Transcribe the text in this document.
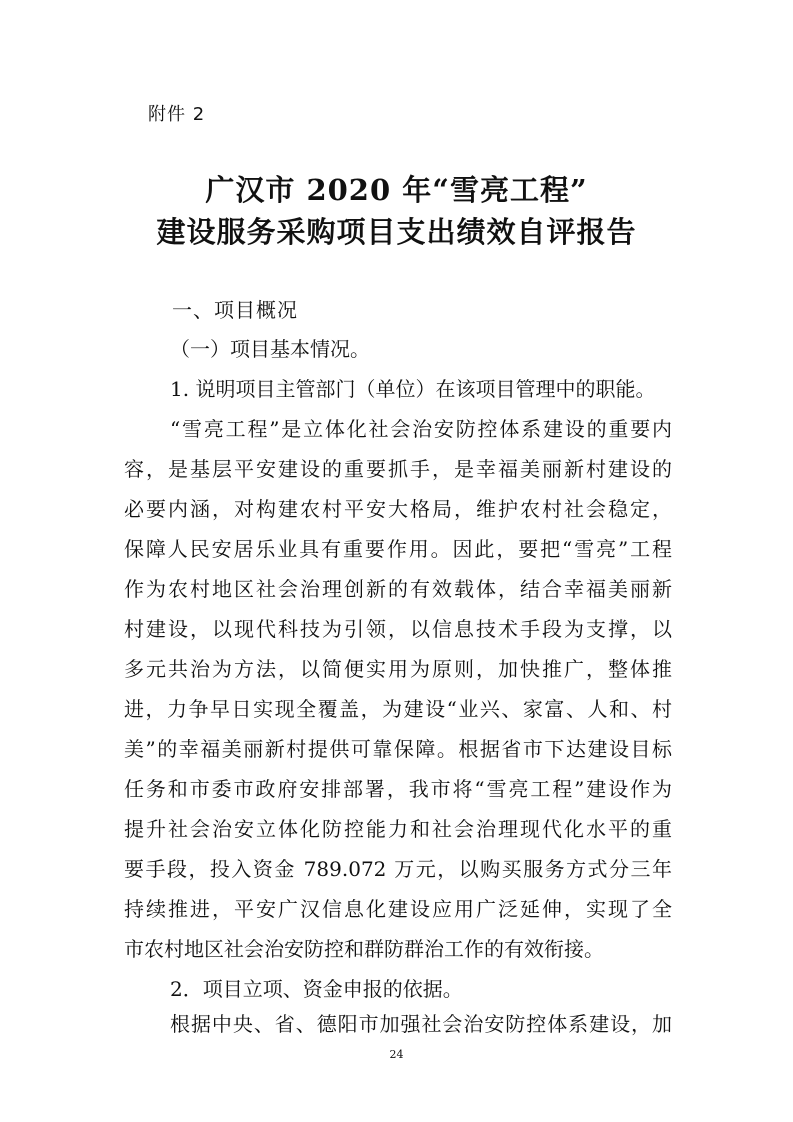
附件 2
广汉市 2020 年“雪亮工程”
建设服务采购项目支出绩效自评报告
一、项目概况
（一）项目基本情况。
1. 说明项目主管部门（单位）在该项目管理中的职能。
“雪亮工程”是立体化社会治安防控体系建设的重要内
容，是基层平安建设的重要抓手，是幸福美丽新村建设的
必要内涵，对构建农村平安大格局，维护农村社会稳定，
保障人民安居乐业具有重要作用。因此，要把“雪亮”工程
作为农村地区社会治理创新的有效载体，结合幸福美丽新
村建设，以现代科技为引领，以信息技术手段为支撑，以
多元共治为方法，以简便实用为原则，加快推广，整体推
进，力争早日实现全覆盖，为建设“业兴、家富、人和、村
美”的幸福美丽新村提供可靠保障。根据省市下达建设目标
任务和市委市政府安排部署，我市将“雪亮工程”建设作为
提升社会治安立体化防控能力和社会治理现代化水平的重
要手段，投入资金 789.072 万元，以购买服务方式分三年
持续推进，平安广汉信息化建设应用广泛延伸，实现了全
市农村地区社会治安防控和群防群治工作的有效衔接。
2．项目立项、资金申报的依据。
根据中央、省、德阳市加强社会治安防控体系建设，加
24
